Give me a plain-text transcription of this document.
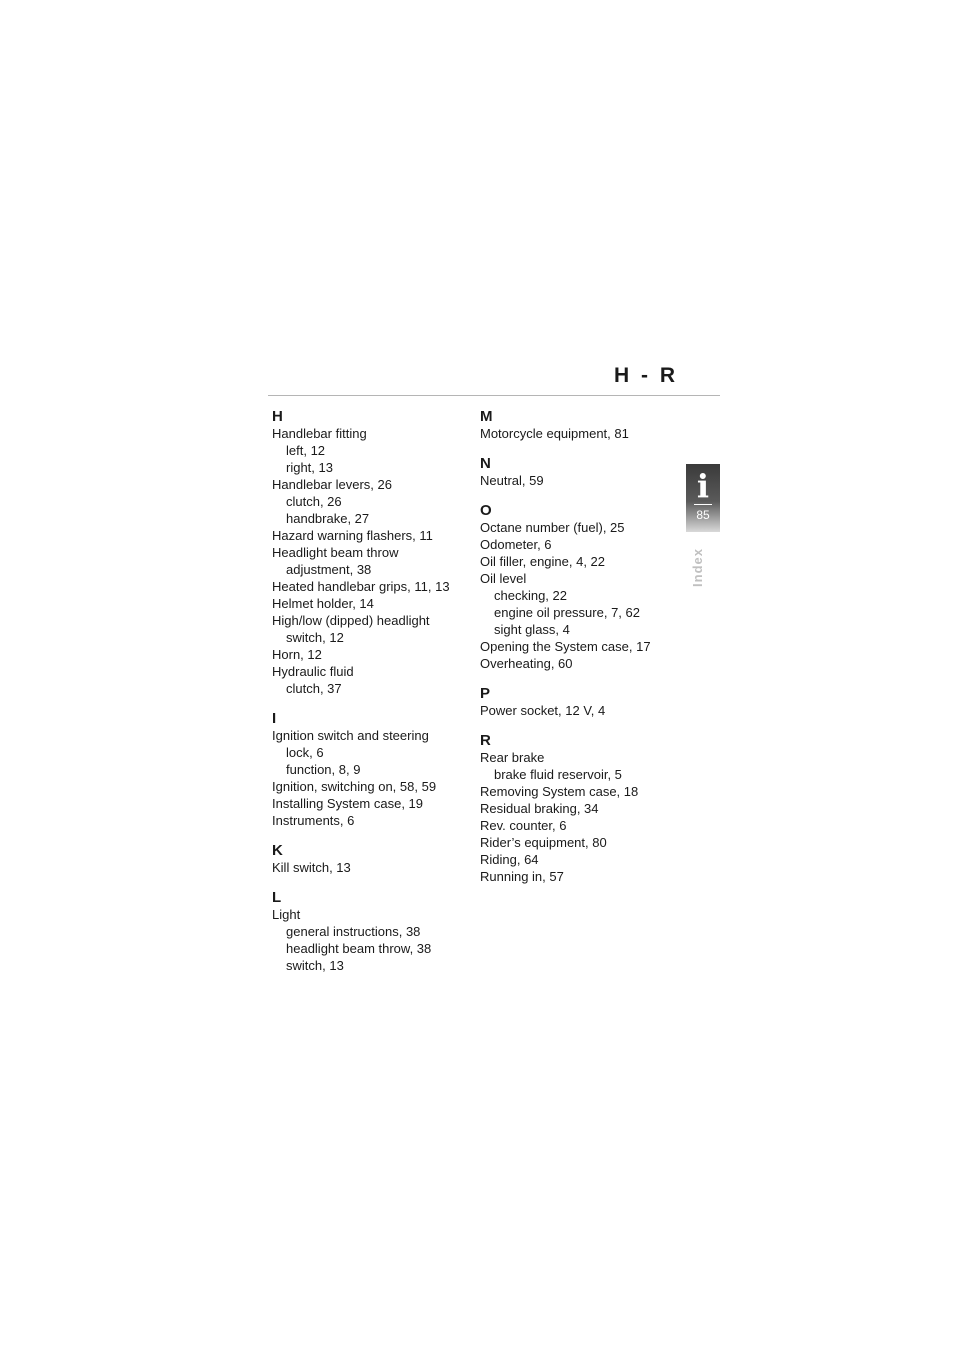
H - R
i
85
Index
H
Handlebar fitting
left, 12
right, 13
Handlebar levers, 26
clutch, 26
handbrake, 27
Hazard warning flashers, 11
Headlight beam throw
adjustment, 38
Heated handlebar grips, 11, 13
Helmet holder, 14
High/low (dipped) headlight
switch, 12
Horn, 12
Hydraulic fluid
clutch, 37
I
Ignition switch and steering
lock, 6
function, 8, 9
Ignition, switching on, 58, 59
Installing System case, 19
Instruments, 6
K
Kill switch, 13
L
Light
general instructions, 38
headlight beam throw, 38
switch, 13
M
Motorcycle equipment, 81
N
Neutral, 59
O
Octane number (fuel), 25
Odometer, 6
Oil filler, engine, 4, 22
Oil level
checking, 22
engine oil pressure, 7, 62
sight glass, 4
Opening the System case, 17
Overheating, 60
P
Power socket, 12 V, 4
R
Rear brake
brake fluid reservoir, 5
Removing System case, 18
Residual braking, 34
Rev. counter, 6
Rider’s equipment, 80
Riding, 64
Running in, 57
